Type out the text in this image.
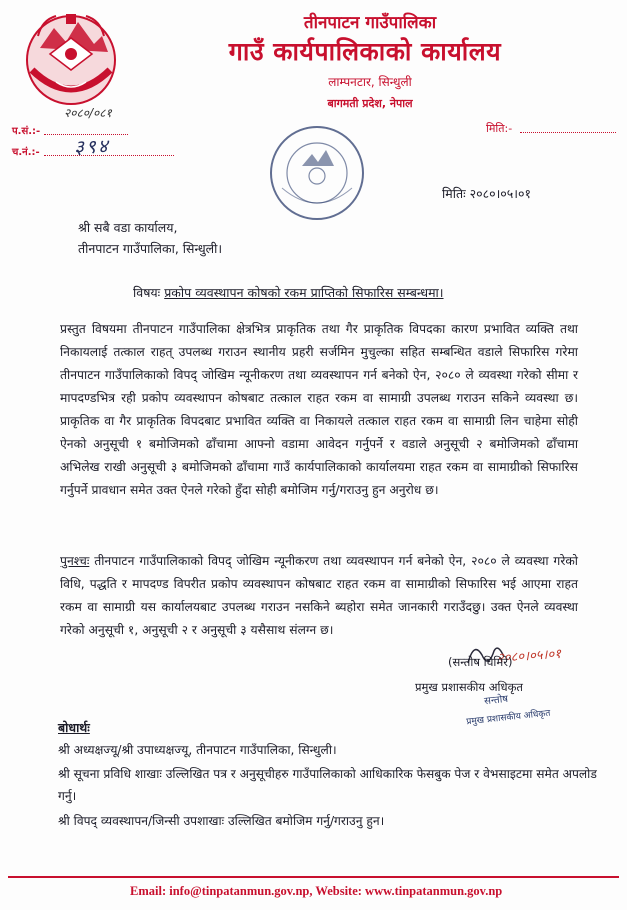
तीनपाटन गाउँपालिका
गाउँ कार्यपालिकाको कार्यालय
लाम्पनटार, सिन्धुली
बागमती प्रदेश, नेपाल
२०८०/०८१
प.सं.:-
च.नं.:- ३९४
मिति:-
मितिः २०८०।०५।०१
श्री सबै वडा कार्यालय,
तीनपाटन गाउँपालिका, सिन्धुली।
विषयः प्रकोप व्यवस्थापन कोषको रकम प्राप्तिको सिफारिस सम्बन्धमा।
प्रस्तुत विषयमा तीनपाटन गाउँपालिका क्षेत्रभित्र प्राकृतिक तथा गैर प्राकृतिक विपदका कारण प्रभावित व्यक्ति तथा निकायलाई तत्काल राहत् उपलब्ध गराउन स्थानीय प्रहरी सर्जमिन मुचुल्का सहित सम्बन्धित वडाले सिफारिस गरेमा तीनपाटन गाउँपालिकाको विपद् जोखिम न्यूनीकरण तथा व्यवस्थापन गर्न बनेको ऐन, २०८० ले व्यवस्था गरेको सीमा र मापदण्डभित्र रही प्रकोप व्यवस्थापन कोषबाट तत्काल राहत रकम वा सामाग्री उपलब्ध गराउन सकिने व्यवस्था छ। प्राकृतिक वा गैर प्राकृतिक विपदबाट प्रभावित व्यक्ति वा निकायले तत्काल राहत रकम वा सामाग्री लिन चाहेमा सोही ऐनको अनुसूची १ बमोजिमको ढाँचामा आफ्नो वडामा आवेदन गर्नुपर्ने र वडाले अनुसूची २ बमोजिमको ढाँचामा अभिलेख राखी अनुसूची ३ बमोजिमको ढाँचामा गाउँ कार्यपालिकाको कार्यालयमा राहत रकम वा सामाग्रीको सिफारिस गर्नुपर्ने प्रावधान समेत उक्त ऐनले गरेको हुँदा सोही बमोजिम गर्नु/गराउनु हुन अनुरोध छ।
पुनश्चः तीनपाटन गाउँपालिकाको विपद् जोखिम न्यूनीकरण तथा व्यवस्थापन गर्न बनेको ऐन, २०८० ले व्यवस्था गरेको विधि, पद्धति र मापदण्ड विपरीत प्रकोप व्यवस्थापन कोषबाट राहत रकम वा सामाग्रीको सिफारिस भई आएमा राहत रकम वा सामाग्री यस कार्यालयबाट उपलब्ध गराउन नसकिने ब्यहोरा समेत जानकारी गराउँदछु। उक्त ऐनले व्यवस्था गरेको अनुसूची १, अनुसूची २ र अनुसूची ३ यसैसाथ संलग्न छ।
२०८०।०५।०१
(सन्तोष घिमिरे)
प्रमुख प्रशासकीय अधिकृत
सन्तोष
प्रमुख प्रशासकीय अधिकृत
बोधार्थः
श्री अध्यक्षज्यू/श्री उपाध्यक्षज्यू, तीनपाटन गाउँपालिका, सिन्धुली।
श्री सूचना प्रविधि शाखाः उल्लिखित पत्र र अनुसूचीहरु गाउँपालिकाको आधिकारिक फेसबुक पेज र वेभसाइटमा समेत अपलोड गर्नु।
श्री विपद् व्यवस्थापन/जिन्सी उपशाखाः उल्लिखित बमोजिम गर्नु/गराउनु हुन।
Email: info@tinpatanmun.gov.np, Website: www.tinpatanmun.gov.np
